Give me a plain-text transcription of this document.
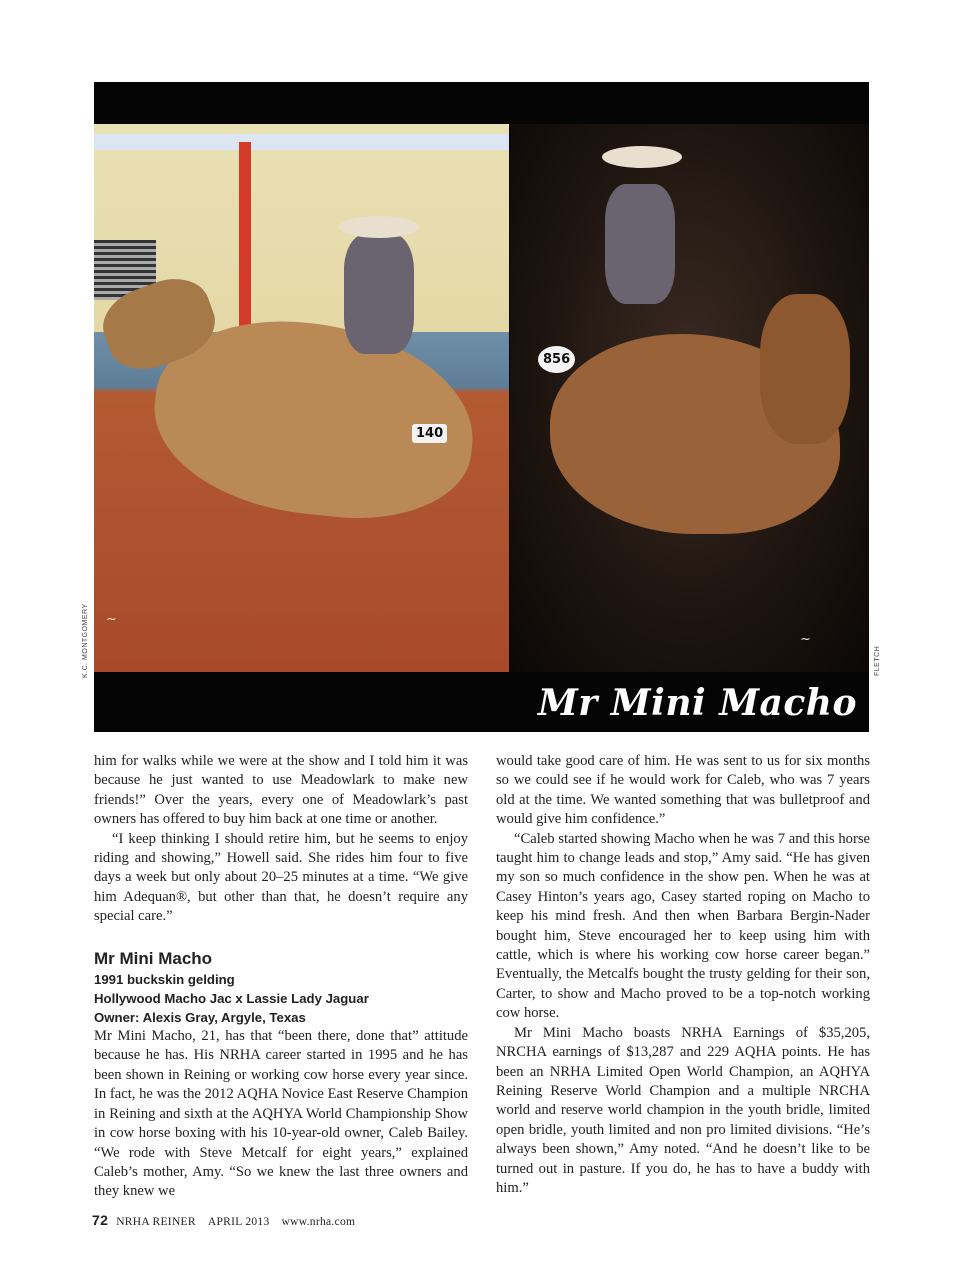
140
~
856
~
Mr Mini Macho
K.C. MONTGOMERY	FLETCH

him for walks while we were at the show and I told him it was because he just wanted to use Meadowlark to make new friends!” Over the years, every one of Meadowlark’s past owners has offered to buy him back at one time or another.

“I keep thinking I should retire him, but he seems to enjoy riding and showing,” Howell said. She rides him four to five days a week but only about 20–25 minutes at a time. “We give him Adequan®, but other than that, he doesn’t require any special care.”

Mr Mini Macho
1991 buckskin gelding
Hollywood Macho Jac x Lassie Lady Jaguar
Owner: Alexis Gray, Argyle, Texas

Mr Mini Macho, 21, has that “been there, done that” attitude because he has. His NRHA career started in 1995 and he has been shown in Reining or working cow horse every year since. In fact, he was the 2012 AQHA Novice East Reserve Champion in Reining and sixth at the AQHYA World Championship Show in cow horse boxing with his 10-year-old owner, Caleb Bailey. “We rode with Steve Metcalf for eight years,” explained Caleb’s mother, Amy. “So we knew the last three owners and they knew we

would take good care of him. He was sent to us for six months so we could see if he would work for Caleb, who was 7 years old at the time. We wanted something that was bulletproof and would give him confidence.”

“Caleb started showing Macho when he was 7 and this horse taught him to change leads and stop,” Amy said. “He has given my son so much confidence in the show pen. When he was at Casey Hinton’s years ago, Casey started roping on Macho to keep his mind fresh. And then when Barbara Bergin-Nader bought him, Steve encouraged her to keep using him with cattle, which is where his working cow horse career began.” Eventually, the Metcalfs bought the trusty gelding for their son, Carter, to show and Macho proved to be a top-notch working cow horse.

Mr Mini Macho boasts NRHA Earnings of $35,205, NRCHA earnings of $13,287 and 229 AQHA points. He has been an NRHA Limited Open World Champion, an AQHYA Reining Reserve World Champion and a multiple NRCHA world and reserve world champion in the youth bridle, limited open bridle, youth limited and non pro limited divisions. “He’s always been shown,” Amy noted. “And he doesn’t like to be turned out in pasture. If you do, he has to have a buddy with him.”

72 NRHA REINER APRIL 2013 www.nrha.com
